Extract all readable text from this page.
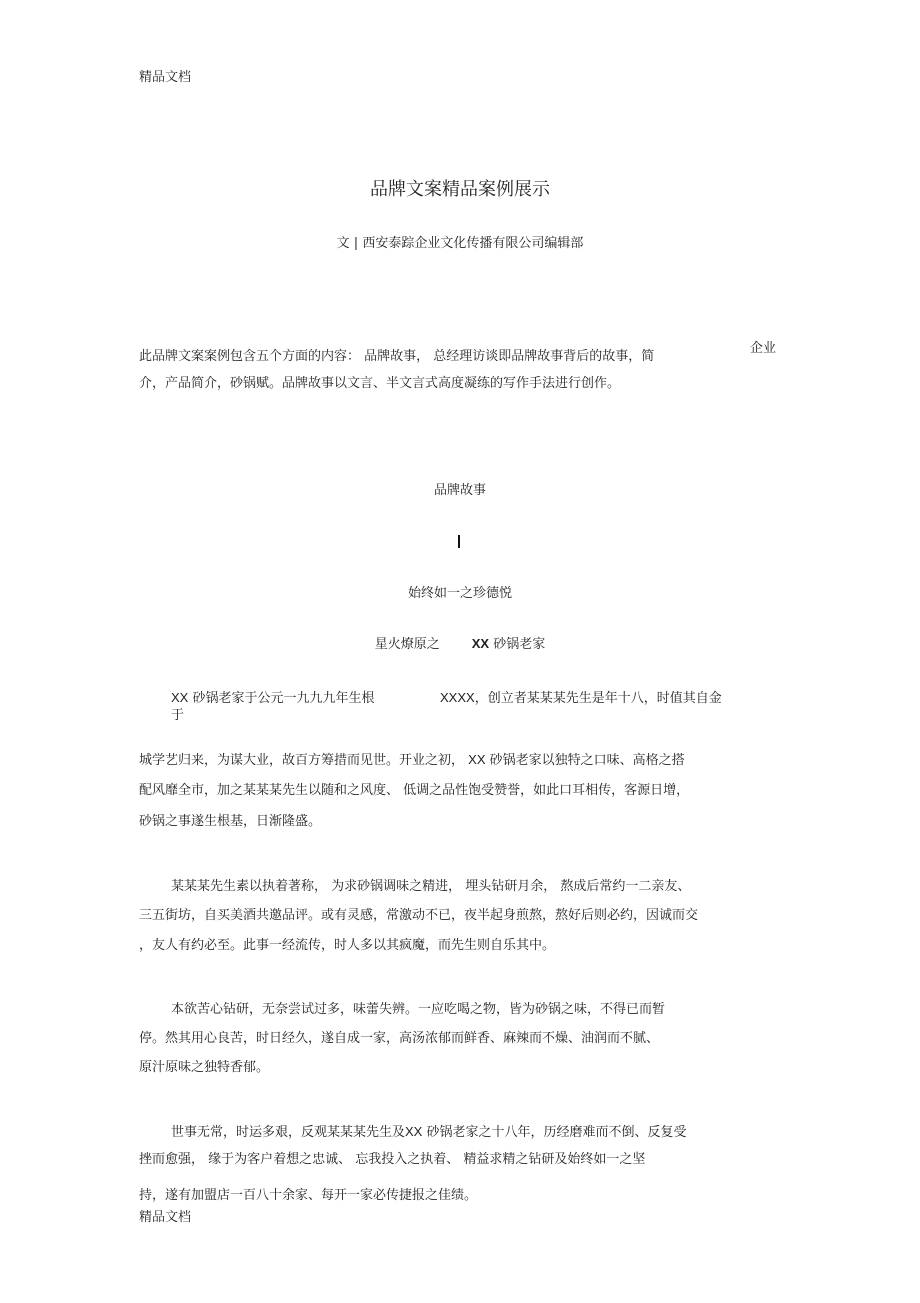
精品文档
品牌文案精品案例展示
文 | 西安泰踪企业文化传播有限公司编辑部
此品牌文案案例包含五个方面的内容： 品牌故事， 总经理访谈即品牌故事背后的故事，简
企业
介，产品简介，砂锅赋。品牌故事以文言、半文言式高度凝练的写作手法进行创作。
品牌故事
始终如一之珍德悦
星火燎原之 XX 砂锅老家
XX 砂锅老家于公元一九九九年生根
于
XXXX，创立者某某某先生是年十八，时值其自金
城学艺归来，为谋大业，故百方筹措而见世。开业之初， XX 砂锅老家以独特之口味、高格之搭
配风靡全市，加之某某某先生以随和之风度、 低调之品性饱受赞誉，如此口耳相传，客源日增，
砂锅之事遂生根基，日渐隆盛。
某某某先生素以执着著称， 为求砂锅调味之精进， 埋头钻研月余， 熬成后常约一二亲友、
三五街坊，自买美酒共邀品评。或有灵感，常激动不已，夜半起身煎熬，熬好后则必约，因诚而交
，友人有约必至。此事一经流传，时人多以其疯魔，而先生则自乐其中。
本欲苦心钻研，无奈尝试过多，味蕾失辨。一应吃喝之物，皆为砂锅之味，不得已而暂
停。然其用心良苦，时日经久，遂自成一家，高汤浓郁而鲜香、麻辣而不燥、油润而不腻、
原汁原味之独特香郁。
世事无常，时运多艰，反观某某某先生及XX 砂锅老家之十八年，历经磨难而不倒、反复受
挫而愈强， 缘于为客户着想之忠诚、 忘我投入之执着、 精益求精之钻研及始终如一之坚
持，遂有加盟店一百八十余家、每开一家必传捷报之佳绩。
精品文档
